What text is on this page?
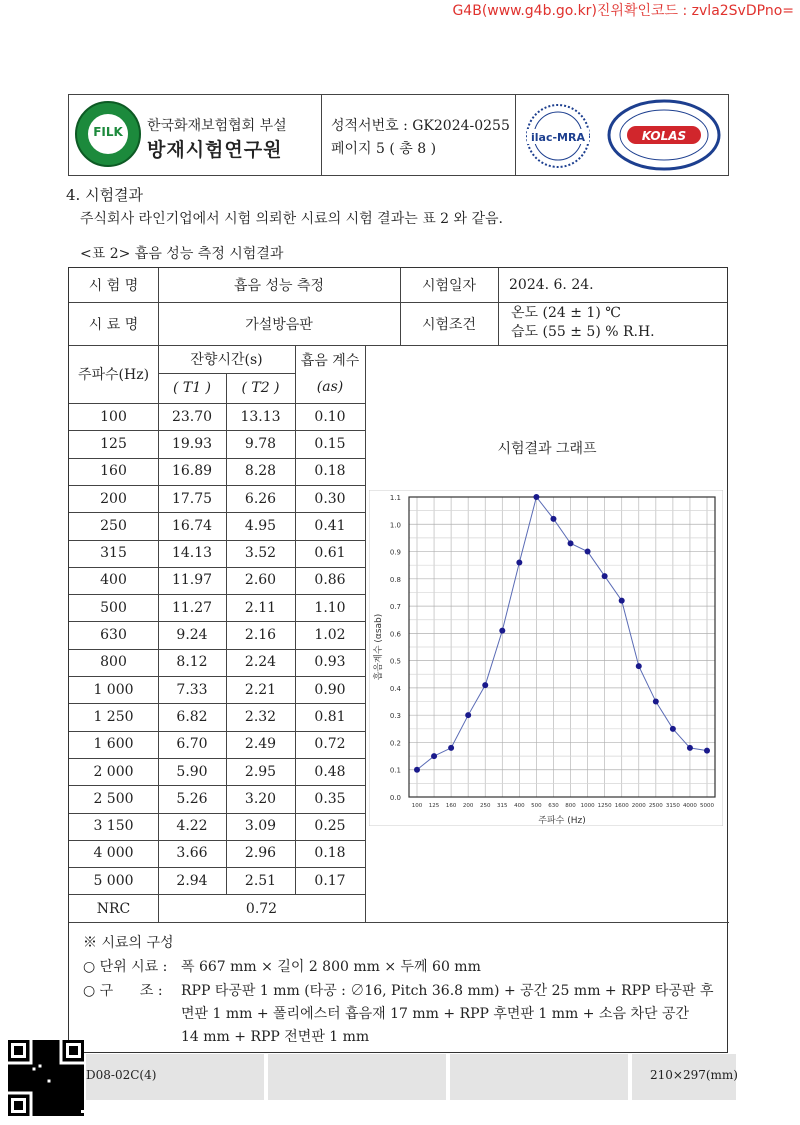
G4B(www.g4b.go.kr)진위확인코드 : zvla2SvDPno=
FILK	한국화재보험협회 부설
방재시험연구원
성적서번호 : GK2024-0255
페이지 5 ( 총 8 )
ilac-MRA	KOLAS
4. 시험결과
주식회사 라인기업에서 시험 의뢰한 시료의 시험 결과는 표 2 와 같음.
<표 2> 흡음 성능 측정 시험결과
시 험 명	흡음 성능 측정	시험일자	2024. 6. 24.
시 료 명	가설방음판	시험조건
온도 (24 ± 1) ℃
습도 (55 ± 5) % R.H.
주파수(Hz)
잔향시간(s)
( T1 )	( T2 )
흡음 계수
(as)
100	23.70	13.13	0.10
125	19.93	9.78	0.15
160	16.89	8.28	0.18
200	17.75	6.26	0.30
250	16.74	4.95	0.41
315	14.13	3.52	0.61
400	11.97	2.60	0.86
500	11.27	2.11	1.10
630	9.24	2.16	1.02
800	8.12	2.24	0.93
1 000	7.33	2.21	0.90
1 250	6.82	2.32	0.81
1 600	6.70	2.49	0.72
2 000	5.90	2.95	0.48
2 500	5.26	3.20	0.35
3 150	4.22	3.09	0.25
4 000	3.66	2.96	0.18
5 000	2.94	2.51	0.17
NRC	0.72
시험결과 그래프
0.0
0.1
0.2
0.3
0.4
0.5
0.6
0.7
0.8
0.9
1.0
1.1
100 125 160 200 250 315 400 500 630 800 1000 1250 1600 2000 2500 3150 4000 5000
주파수 (Hz)
흡음계수 (αsab)
※ 시료의 구성
○ 단위 시료 : 폭 667 mm × 길이 2 800 mm × 두께 60 mm
○ 구      조 : RPP 타공판 1 mm (타공 : ∅16, Pitch 36.8 mm) + 공간 25 mm + RPP 타공판 후
면판 1 mm + 폴리에스터 흡음재 17 mm + RPP 후면판 1 mm + 소음 차단 공간
14 mm + RPP 전면판 1 mm
D08-02C(4)	210×297(mm)
